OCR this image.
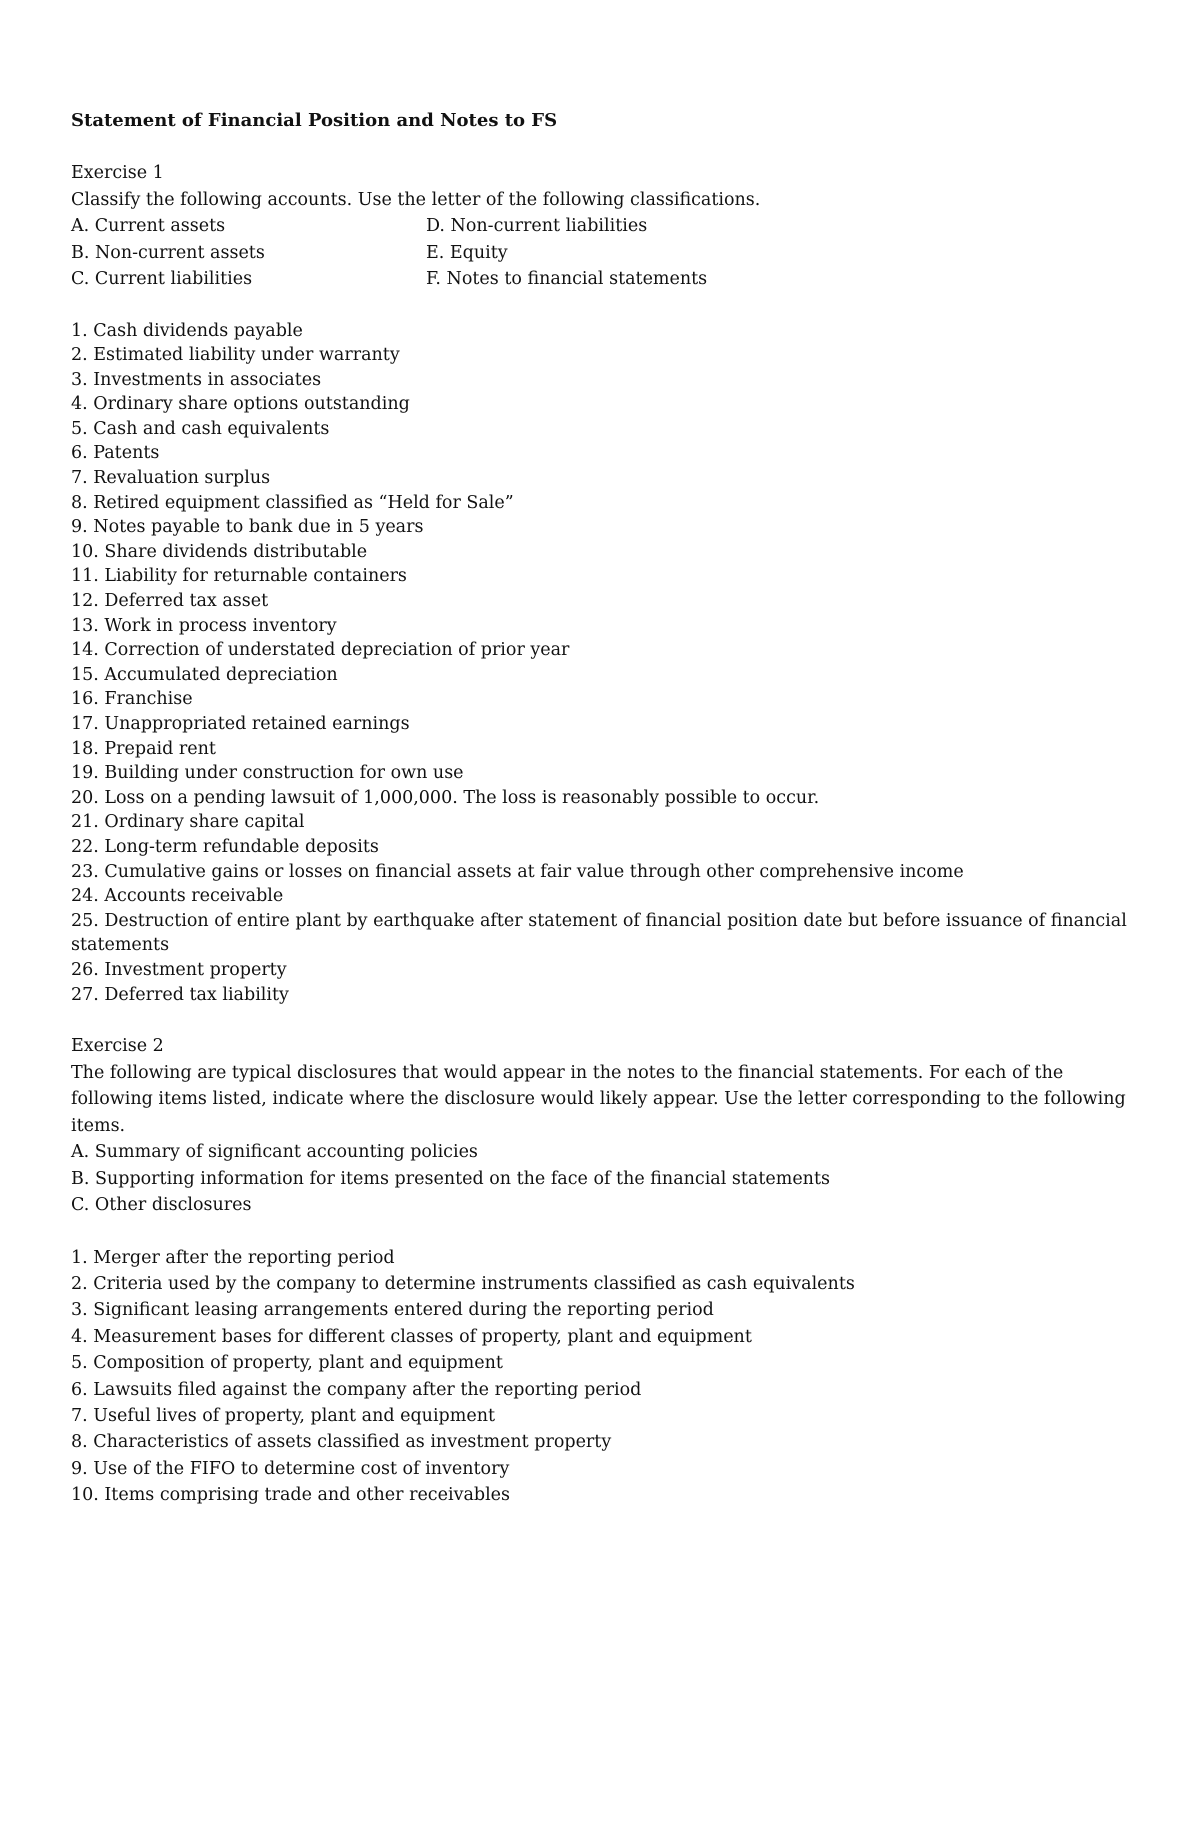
Statement of Financial Position and Notes to FS
Exercise 1
Classify the following accounts. Use the letter of the following classifications.
A. Current assets	D. Non-current liabilities
B. Non-current assets	E. Equity
C. Current liabilities	F. Notes to financial statements
1. Cash dividends payable
2. Estimated liability under warranty
3. Investments in associates
4. Ordinary share options outstanding
5. Cash and cash equivalents
6. Patents
7. Revaluation surplus
8. Retired equipment classified as “Held for Sale”
9. Notes payable to bank due in 5 years
10. Share dividends distributable
11. Liability for returnable containers
12. Deferred tax asset
13. Work in process inventory
14. Correction of understated depreciation of prior year
15. Accumulated depreciation
16. Franchise
17. Unappropriated retained earnings
18. Prepaid rent
19. Building under construction for own use
20. Loss on a pending lawsuit of 1,000,000. The loss is reasonably possible to occur.
21. Ordinary share capital
22. Long-term refundable deposits
23. Cumulative gains or losses on financial assets at fair value through other comprehensive income
24. Accounts receivable
25. Destruction of entire plant by earthquake after statement of financial position date but before issuance of financial statements
26. Investment property
27. Deferred tax liability
Exercise 2
The following are typical disclosures that would appear in the notes to the financial statements. For each of the following items listed, indicate where the disclosure would likely appear. Use the letter corresponding to the following items.
A. Summary of significant accounting policies
B. Supporting information for items presented on the face of the financial statements
C. Other disclosures
1. Merger after the reporting period
2. Criteria used by the company to determine instruments classified as cash equivalents
3. Significant leasing arrangements entered during the reporting period
4. Measurement bases for different classes of property, plant and equipment
5. Composition of property, plant and equipment
6. Lawsuits filed against the company after the reporting period
7. Useful lives of property, plant and equipment
8. Characteristics of assets classified as investment property
9. Use of the FIFO to determine cost of inventory
10. Items comprising trade and other receivables
